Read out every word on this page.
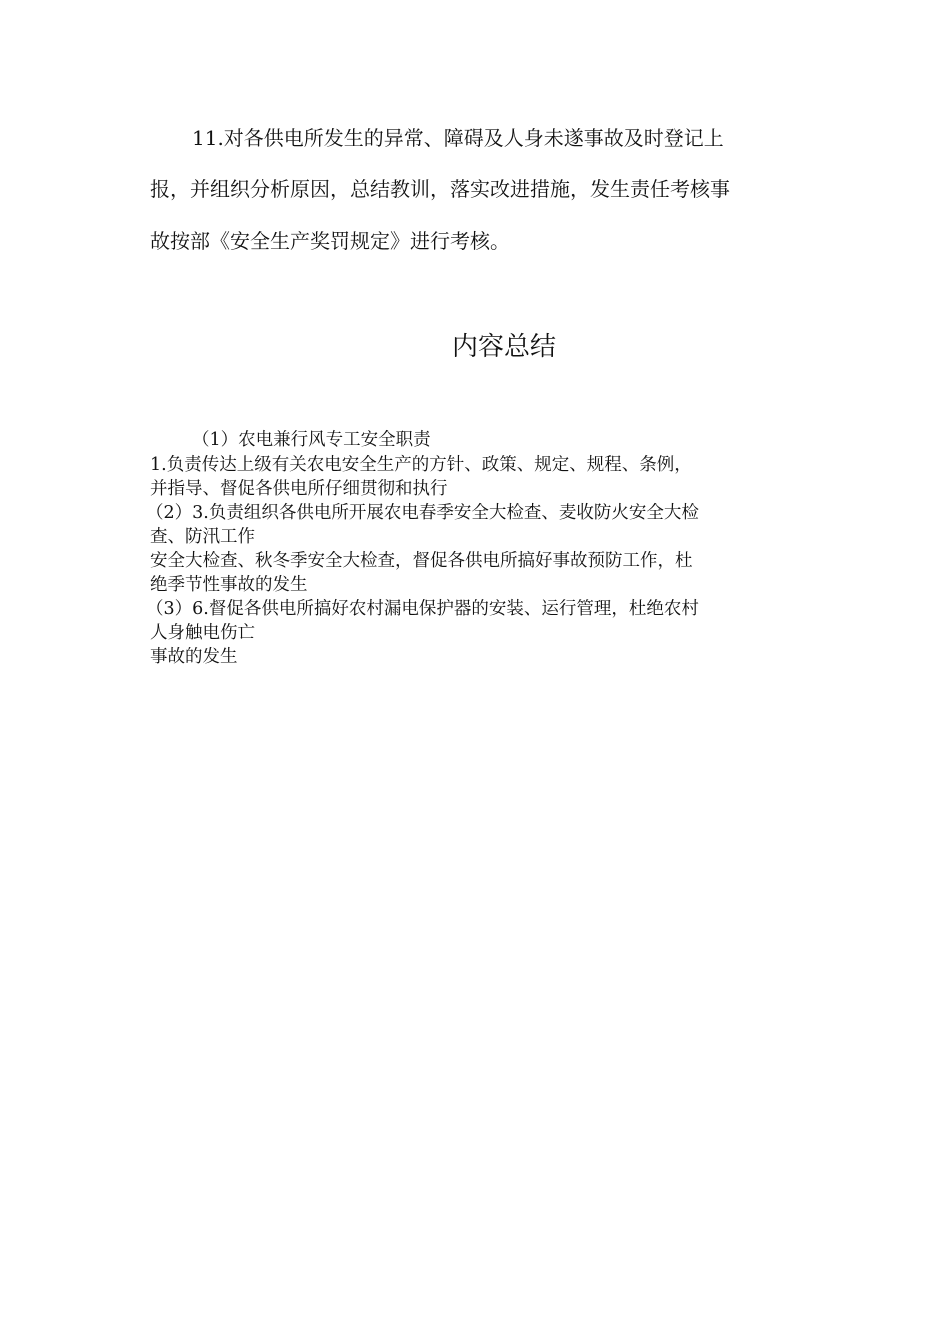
11.对各供电所发生的异常、障碍及人身未遂事故及时登记上

报，并组织分析原因，总结教训，落实改进措施，发生责任考核事

故按部《安全生产奖罚规定》进行考核。

内容总结

（1）农电兼行风专工安全职责

1.负责传达上级有关农电安全生产的方针、政策、规定、规程、条例，

并指导、督促各供电所仔细贯彻和执行

（2）3.负责组织各供电所开展农电春季安全大检查、麦收防火安全大检

查、防汛工作

安全大检查、秋冬季安全大检查，督促各供电所搞好事故预防工作，杜

绝季节性事故的发生

（3）6.督促各供电所搞好农村漏电保护器的安装、运行管理，杜绝农村

人身触电伤亡

事故的发生
